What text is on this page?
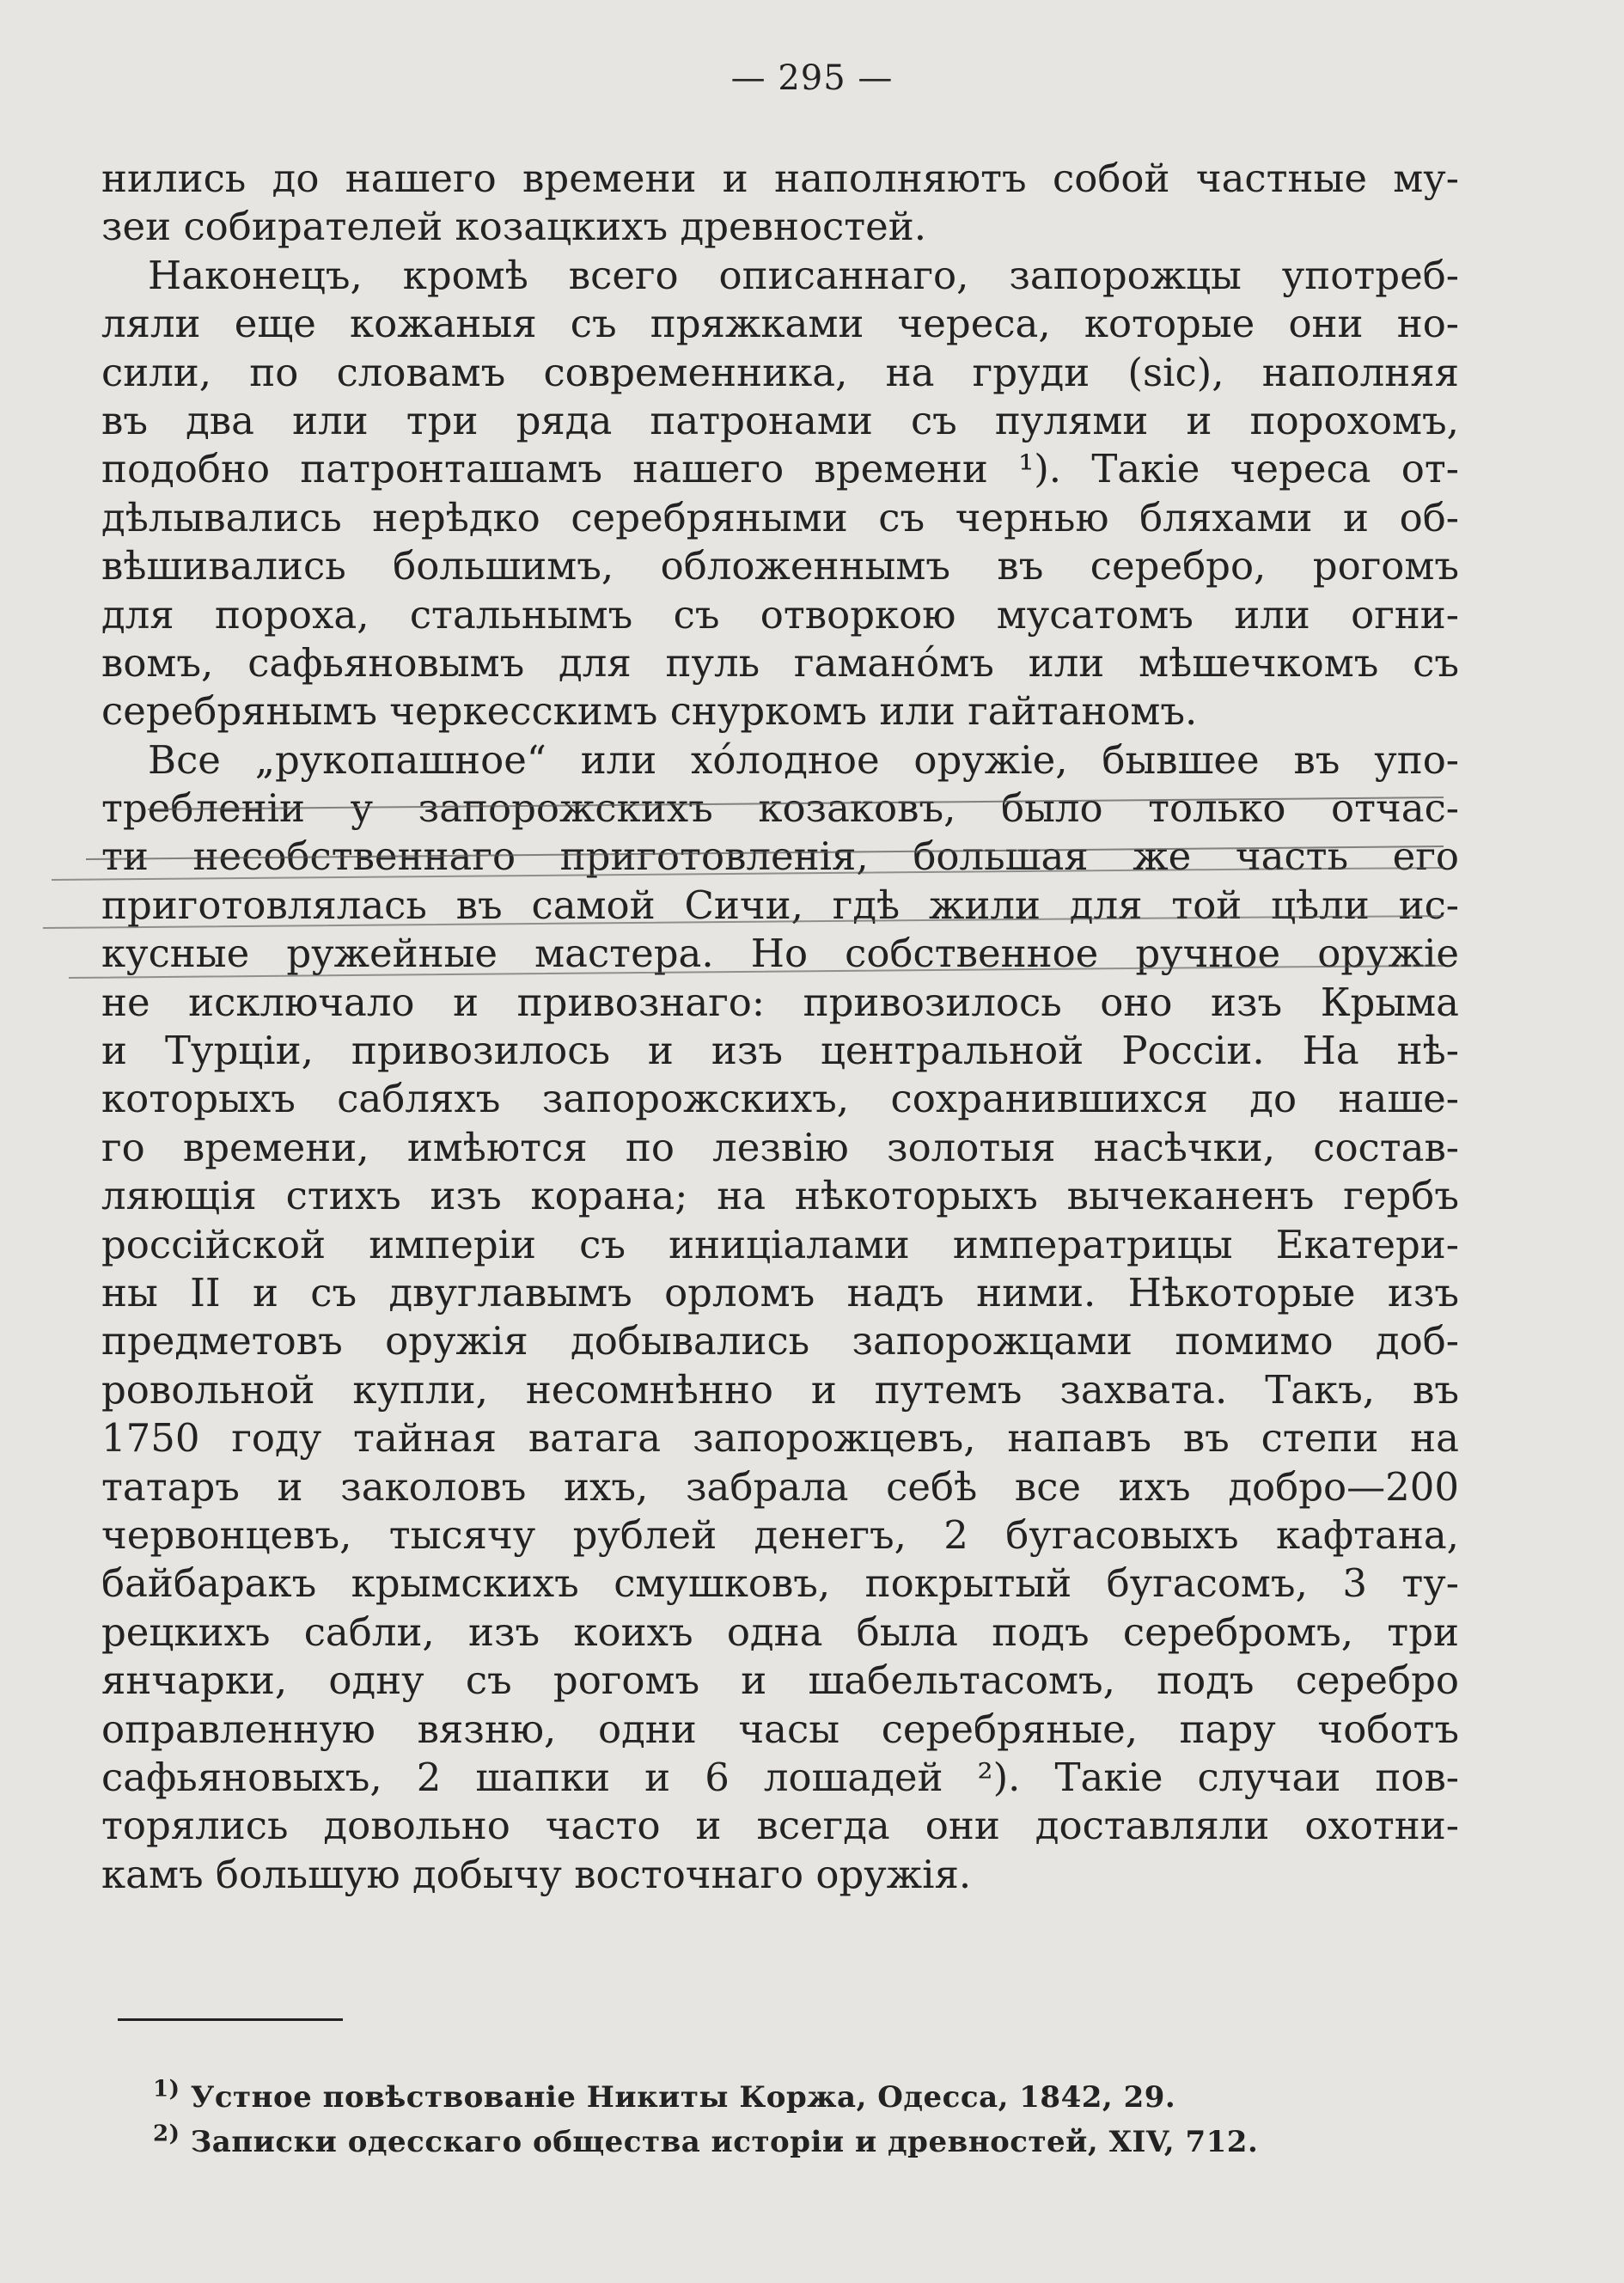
— 295 —
нились до нашего времени и наполняютъ собой частные му-
зеи собирателей козацкихъ древностей.
Наконецъ, кромѣ всего описаннаго, запорожцы употреб-
ляли еще кожаныя съ пряжками череса, которые они но-
сили, по словамъ современника, на груди (sic), наполняя
въ два или три ряда патронами съ пулями и порохомъ,
подобно патронташамъ нашего времени ¹). Такіе череса от-
дѣлывались нерѣдко серебряными съ чернью бляхами и об-
вѣшивались большимъ, обложеннымъ въ серебро, рогомъ
для пороха, стальнымъ съ отворкою мусатомъ или огни-
вомъ, сафьяновымъ для пуль гаманóмъ или мѣшечкомъ съ
серебрянымъ черкесскимъ снуркомъ или гайтаномъ.
Все „рукопашное“ или хóлодное оружіе, бывшее въ упо-
требленіи у запорожскихъ козаковъ, было только отчас-
ти несобственнаго приготовленія, большая же часть его
приготовлялась въ самой Сичи, гдѣ жили для той цѣли ис-
кусные ружейные мастера. Но собственное ручное оружіе
не исключало и привознаго: привозилось оно изъ Крыма
и Турціи, привозилось и изъ центральной Россіи. На нѣ-
которыхъ сабляхъ запорожскихъ, сохранившихся до наше-
го времени, имѣются по лезвію золотыя насѣчки, состав-
ляющія стихъ изъ корана; на нѣкоторыхъ вычеканенъ гербъ
россійской имперіи съ иниціалами императрицы Екатери-
ны II и съ двуглавымъ орломъ надъ ними. Нѣкоторые изъ
предметовъ оружія добывались запорожцами помимо доб-
ровольной купли, несомнѣнно и путемъ захвата. Такъ, въ
1750 году тайная ватага запорожцевъ, напавъ въ степи на
татаръ и заколовъ ихъ, забрала себѣ все ихъ добро—200
червонцевъ, тысячу рублей денегъ, 2 бугасовыхъ кафтана,
байбаракъ крымскихъ смушковъ, покрытый бугасомъ, 3 ту-
рецкихъ сабли, изъ коихъ одна была подъ серебромъ, три
янчарки, одну съ рогомъ и шабельтасомъ, подъ серебро
оправленную вязню, одни часы серебряные, пару чоботъ
сафьяновыхъ, 2 шапки и 6 лошадей ²). Такіе случаи пов-
торялись довольно часто и всегда они доставляли охотни-
камъ большую добычу восточнаго оружія.
$^{1)}$ Устное повѣствованіе Никиты Коржа, Одесса, 1842, 29.
$^{2)}$ Записки одесскаго общества исторіи и древностей, XIV, 712.
